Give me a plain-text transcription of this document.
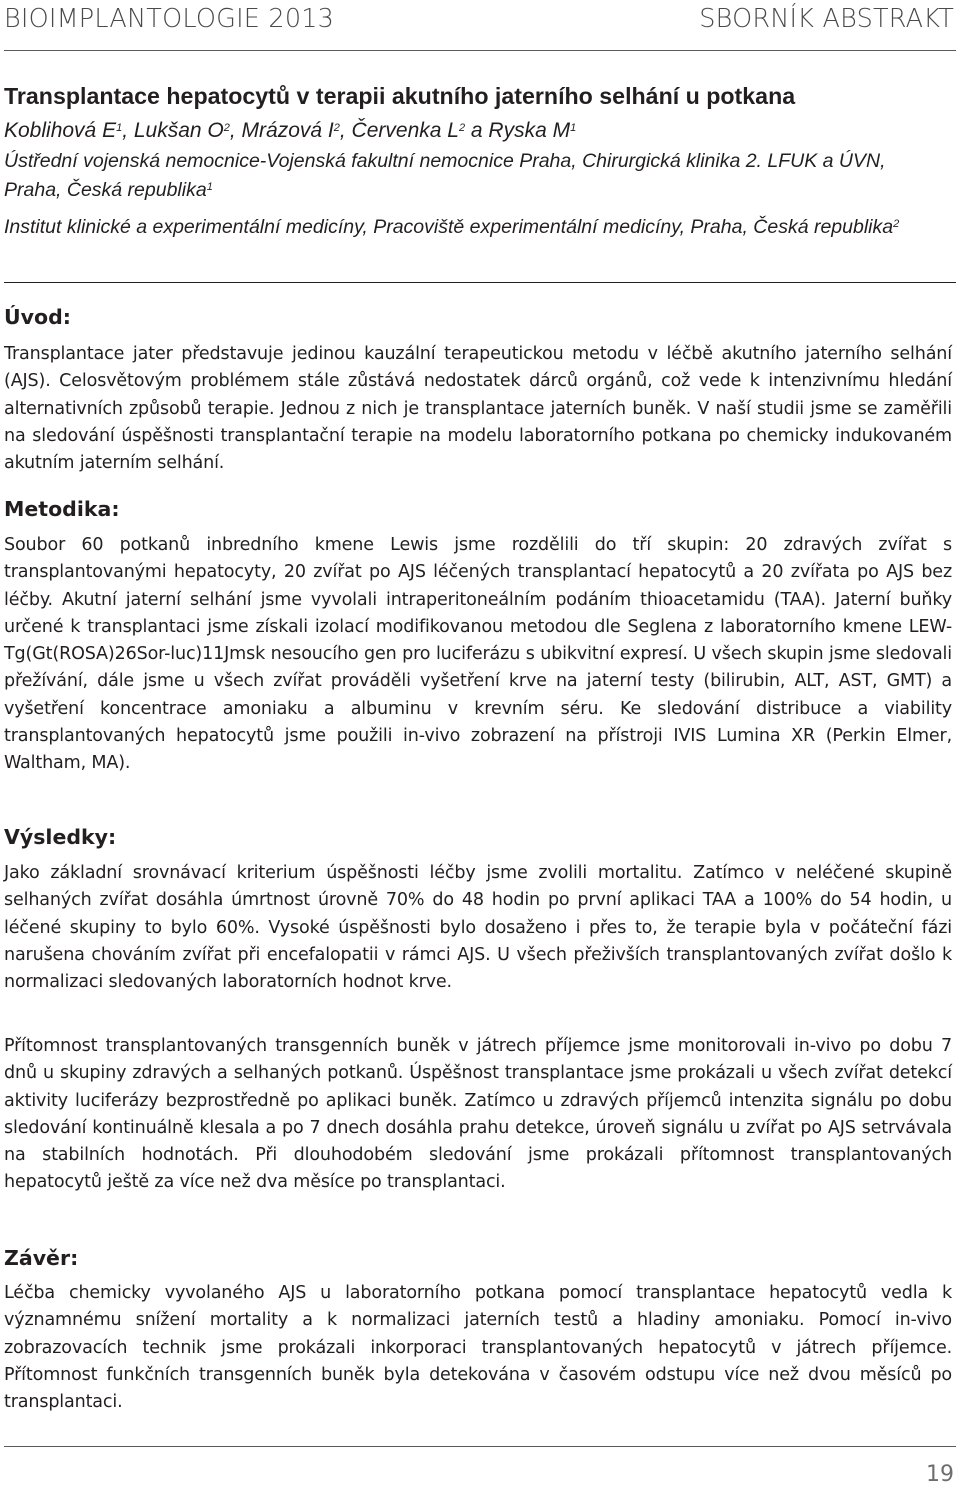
BIOIMPLANTOLOGIE 2013	SBORNÍK ABSTRAKT
Transplantace hepatocytů v terapii akutního jaterního selhání u potkana
Koblihová $E^1$, Lukšan $O^2$, Mrázová $I^2$, Červenka $L^2$ a Ryska $M^1$
Ústřední vojenská nemocnice-Vojenská fakultní nemocnice Praha, Chirurgická klinika 2. LFUK a ÚVN, Praha, Česká republika$^1$
Institut klinické a experimentální medicíny, Pracoviště experimentální medicíny, Praha, Česká republika$^2$
Úvod:
Transplantace jater představuje jedinou kauzální terapeutickou metodu v léčbě akutního jaterního selhání (AJS). Celosvětovým problémem stále zůstává nedostatek dárců orgánů, což vede k intenzivnímu hledání alternativních způsobů terapie. Jednou z nich je transplantace jaterních buněk. V naší studii jsme se zaměřili na sledování úspěšnosti transplantační terapie na modelu laboratorního potkana po chemicky indukovaném akutním jaterním selhání.
Metodika:
Soubor 60 potkanů inbredního kmene Lewis jsme rozdělili do tří skupin: 20 zdravých zvířat s transplantovanými hepatocyty, 20 zvířat po AJS léčených transplantací hepatocytů a 20 zvířata po AJS bez léčby. Akutní jaterní selhání jsme vyvolali intraperitoneálním podáním thioacetamidu (TAA). Jaterní buňky určené k transplantaci jsme získali izolací modifikovanou metodou dle Seglena z laboratorního kmene LEW-Tg(Gt(ROSA)26Sor-luc)11Jmsk nesoucího gen pro luciferázu s ubikvitní expresí. U všech skupin jsme sledovali přežívání, dále jsme u všech zvířat prováděli vyšetření krve na jaterní testy (bilirubin, ALT, AST, GMT) a vyšetření koncentrace amoniaku a albuminu v krevním séru. Ke sledování distribuce a viability transplantovaných hepatocytů jsme použili in-vivo zobrazení na přístroji IVIS Lumina XR (Perkin Elmer, Waltham, MA).
Výsledky:
Jako základní srovnávací kriterium úspěšnosti léčby jsme zvolili mortalitu. Zatímco v neléčené skupině selhaných zvířat dosáhla úmrtnost úrovně 70% do 48 hodin po první aplikaci TAA a 100% do 54 hodin, u léčené skupiny to bylo 60%. Vysoké úspěšnosti bylo dosaženo i přes to, že terapie byla v počáteční fázi narušena chováním zvířat při encefalopatii v rámci AJS. U všech přeživších transplantovaných zvířat došlo k normalizaci sledovaných laboratorních hodnot krve.
Přítomnost transplantovaných transgenních buněk v játrech příjemce jsme monitorovali in-vivo po dobu 7 dnů u skupiny zdravých a selhaných potkanů. Úspěšnost transplantace jsme prokázali u všech zvířat detekcí aktivity luciferázy bezprostředně po aplikaci buněk. Zatímco u zdravých příjemců intenzita signálu po dobu sledování kontinuálně klesala a po 7 dnech dosáhla prahu detekce, úroveň signálu u zvířat po AJS setrvávala na stabilních hodnotách. Při dlouhodobém sledování jsme prokázali přítomnost transplantovaných hepatocytů ještě za více než dva měsíce po transplantaci.
Závěr:
Léčba chemicky vyvolaného AJS u laboratorního potkana pomocí transplantace hepatocytů vedla k významnému snížení mortality a k normalizaci jaterních testů a hladiny amoniaku. Pomocí in-vivo zobrazovacích technik jsme prokázali inkorporaci transplantovaných hepatocytů v játrech příjemce. Přítomnost funkčních transgenních buněk byla detekována v časovém odstupu více než dvou měsíců po transplantaci.
19
